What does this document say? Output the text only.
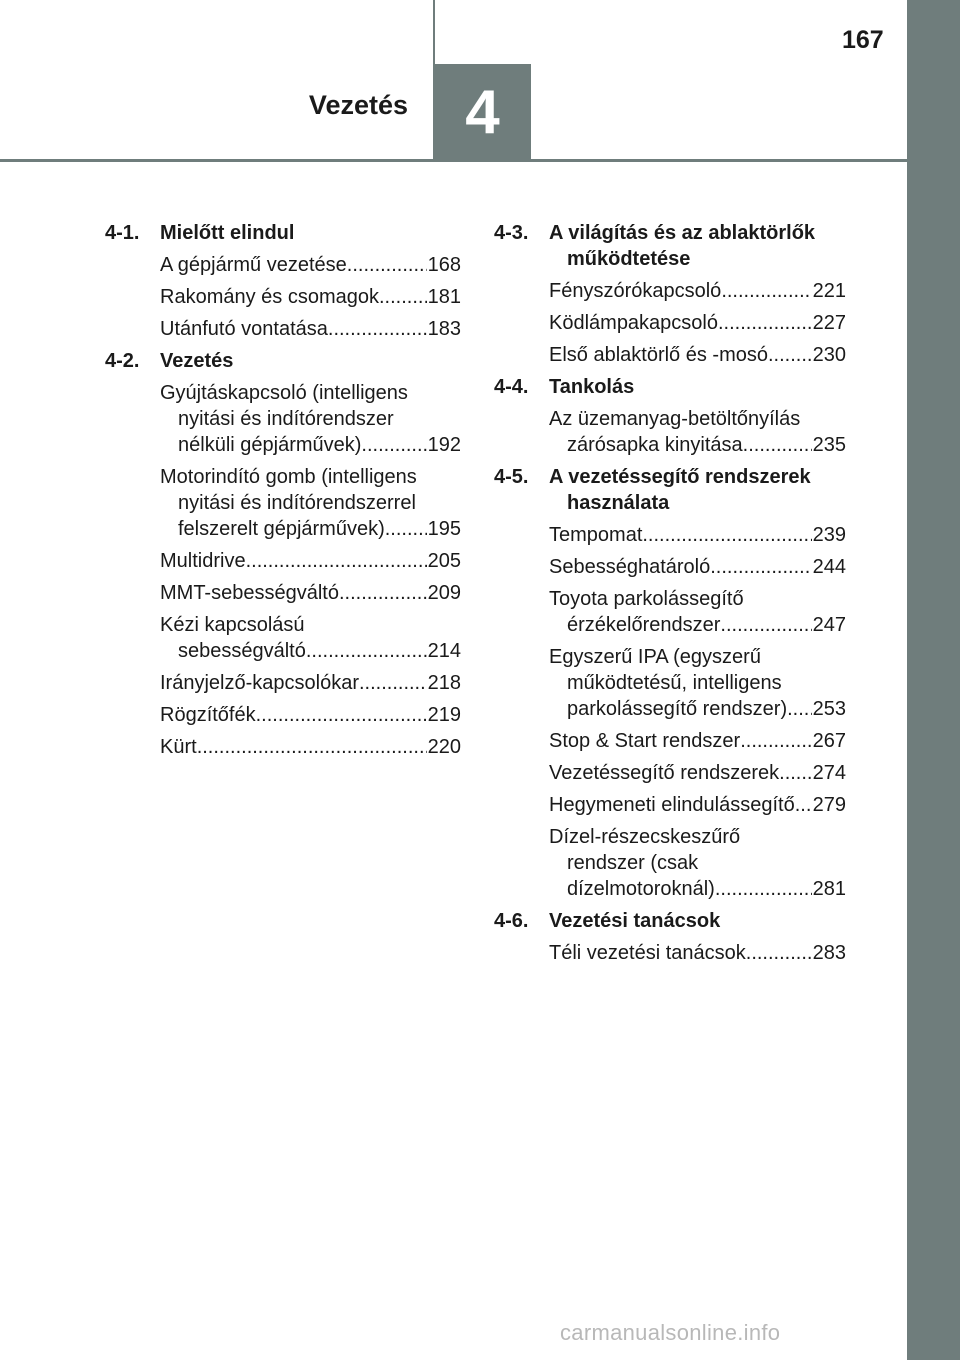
4
Vezetés
167
4-1.	Mielőtt elindul
A gépjármű vezetése .....	168
Rakomány és csomagok .....	181
Utánfutó vontatása .....	183
4-2.	Vezetés
Gyújtáskapcsoló (intelligens nyitási és indítórendszer nélküli gépjárművek) .....	192
Motorindító gomb (intelligens nyitási és indítórendszerrel felszerelt gépjárművek) .....	195
Multidrive .....	205
MMT-sebességváltó .....	209
Kézi kapcsolású sebességváltó .....	214
Irányjelző-kapcsolókar .....	218
Rögzítőfék .....	219
Kürt .....	220
4-3.	A világítás és az ablaktörlők működtetése
Fényszórókapcsoló .....	221
Ködlámpakapcsoló .....	227
Első ablaktörlő és -mosó .....	230
4-4.	Tankolás
Az üzemanyag-betöltőnyílás zárósapka kinyitása .....	235
4-5.	A vezetéssegítő rendszerek használata
Tempomat .....	239
Sebességhatároló .....	244
Toyota parkolássegítő érzékelőrendszer .....	247
Egyszerű IPA (egyszerű működtetésű, intelligens parkolássegítő rendszer) .....	253
Stop & Start rendszer .....	267
Vezetéssegítő rendszerek .....	274
Hegymeneti elindulássegítő ..... 279
Dízel-részecskeszűrő rendszer (csak dízelmotoroknál) .....	281
4-6.	Vezetési tanácsok
Téli vezetési tanácsok .....	283
carmanualsonline.info
